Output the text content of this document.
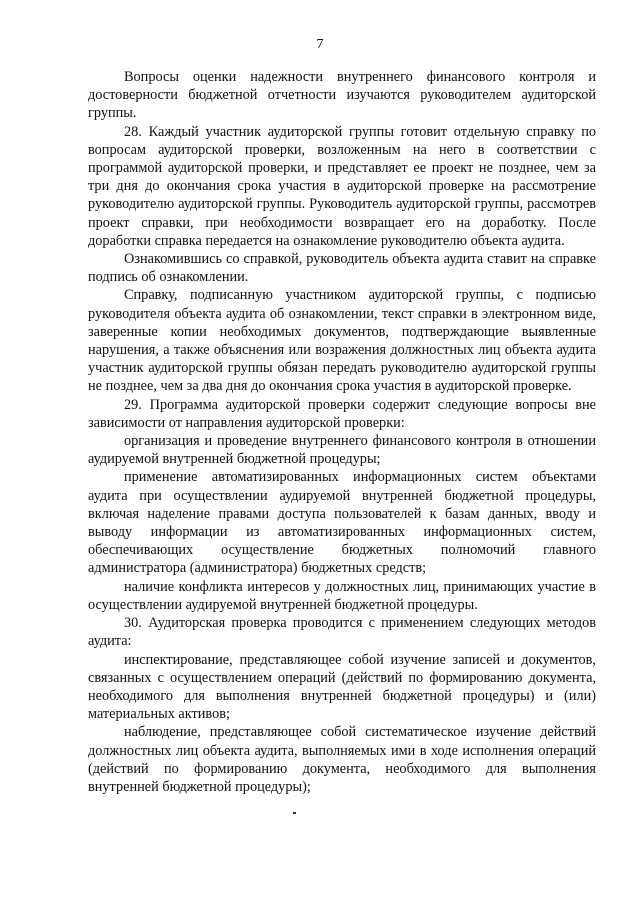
7

Вопросы оценки надежности внутреннего финансового контроля и достоверности бюджетной отчетности изучаются руководителем аудиторской группы.

28. Каждый участник аудиторской группы готовит отдельную справку по вопросам аудиторской проверки, возложенным на него в соответствии с программой аудиторской проверки, и представляет ее проект не позднее, чем за три дня до окончания срока участия в аудиторской проверке на рассмотрение руководителю аудиторской группы. Руководитель аудиторской группы, рассмотрев проект справки, при необходимости возвращает его на доработку. После доработки справка передается на ознакомление руководителю объекта аудита.

Ознакомившись со справкой, руководитель объекта аудита ставит на справке подпись об ознакомлении.

Справку, подписанную участником аудиторской группы, с подписью руководителя объекта аудита об ознакомлении, текст справки в электронном виде, заверенные копии необходимых документов, подтверждающие выявленные нарушения, а также объяснения или возражения должностных лиц объекта аудита участник аудиторской группы обязан передать руководителю аудиторской группы не позднее, чем за два дня до окончания срока участия в аудиторской проверке.

29. Программа аудиторской проверки содержит следующие вопросы вне зависимости от направления аудиторской проверки:

организация и проведение внутреннего финансового контроля в отношении аудируемой внутренней бюджетной процедуры;

применение автоматизированных информационных систем объектами аудита при осуществлении аудируемой внутренней бюджетной процедуры, включая наделение правами доступа пользователей к базам данных, вводу и выводу информации из автоматизированных информационных систем, обеспечивающих осуществление бюджетных полномочий главного администратора (администратора) бюджетных средств;

наличие конфликта интересов у должностных лиц, принимающих участие в осуществлении аудируемой внутренней бюджетной процедуры.

30. Аудиторская проверка проводится с применением следующих методов аудита:

инспектирование, представляющее собой изучение записей и документов, связанных с осуществлением операций (действий по формированию документа, необходимого для выполнения внутренней бюджетной процедуры) и (или) материальных активов;

наблюдение, представляющее собой систематическое изучение действий должностных лиц объекта аудита, выполняемых ими в ходе исполнения операций (действий по формированию документа, необходимого для выполнения внутренней бюджетной процедуры);
